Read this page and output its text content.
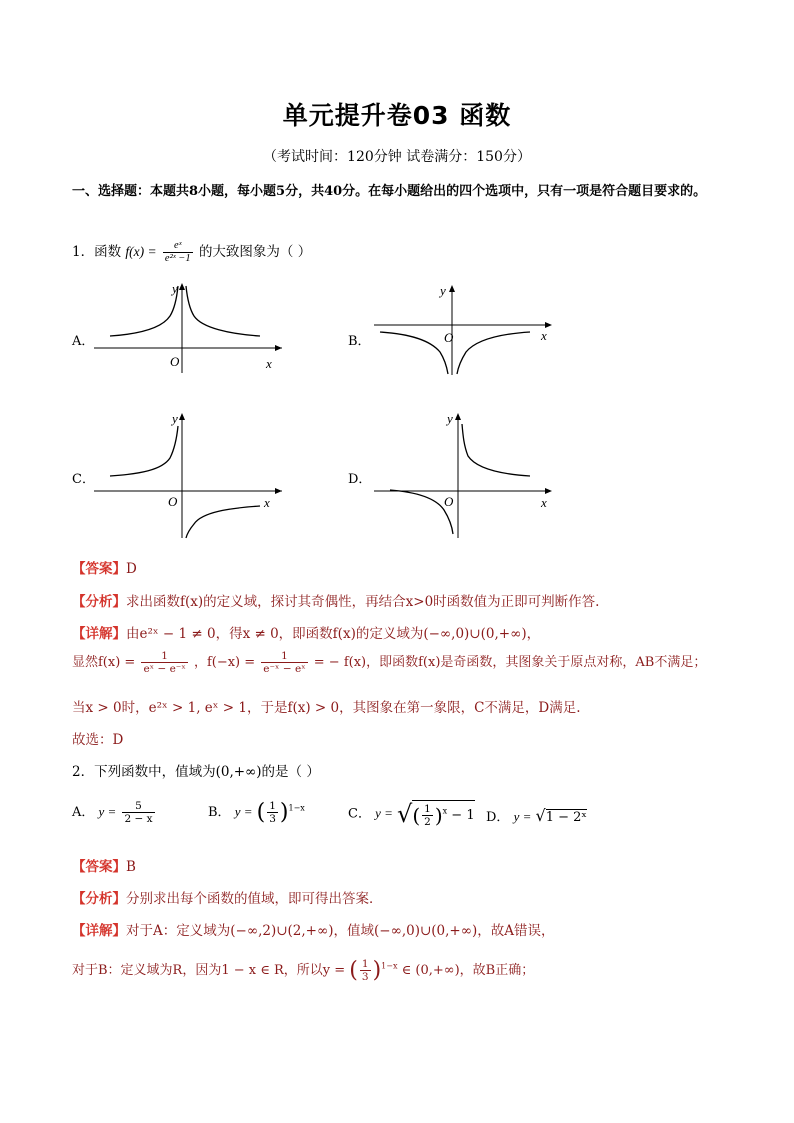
单元提升卷03 函数
（考试时间：120分钟 试卷满分：150分）
一、选择题：本题共8小题，每小题5分，共40分。在每小题给出的四个选项中，只有一项是符合题目要求的。
1．函数 $f(x) = \frac{\text{eˣ}}{\text{e²ˣ −1}}$ 的大致图象为（ ）
A．
O	x
y
B．	O	x
y
C．
O	x
y
D．
O	x
y
【答案】D
【分析】求出函数f(x)的定义域，探讨其奇偶性，再结合x>0时函数值为正即可判断作答.
【详解】由e²ˣ − 1 ≠ 0，得x ≠ 0，即函数f(x)的定义域为(−∞,0)∪(0,+∞)，
显然$f(x) = \frac{1}{\text{eˣ − e⁻ˣ}}$ ，$f(-x) = \frac{1}{\text{e⁻ˣ − eˣ}}$ = − f(x)，即函数f(x)是奇函数，其图象关于原点对称，AB不满足；
当x > 0时，e²ˣ > 1, eˣ > 1，于是f(x) > 0，其图象在第一象限，C不满足，D满足.
故选：D
2．下列函数中，值域为(0,+∞)的是（ ）
A． $y = \frac{5}{2 - x}$	B． y = ( $\frac{1}{3} )^{1-x}$	C． y = √( $\frac{1}{2} )^x - 1$ D． y = √1 − 2ˣ
【答案】B
【分析】分别求出每个函数的值域，即可得出答案．
【详解】对于A：定义域为(−∞,2)∪(2,+∞)，值域(−∞,0)∪(0,+∞)，故A错误，
对于B：定义域为R，因为1 − x ∈ R，所以y = ( $\frac{1}{3} )^{1-x}$ ∈ (0,+∞)，故B正确；
